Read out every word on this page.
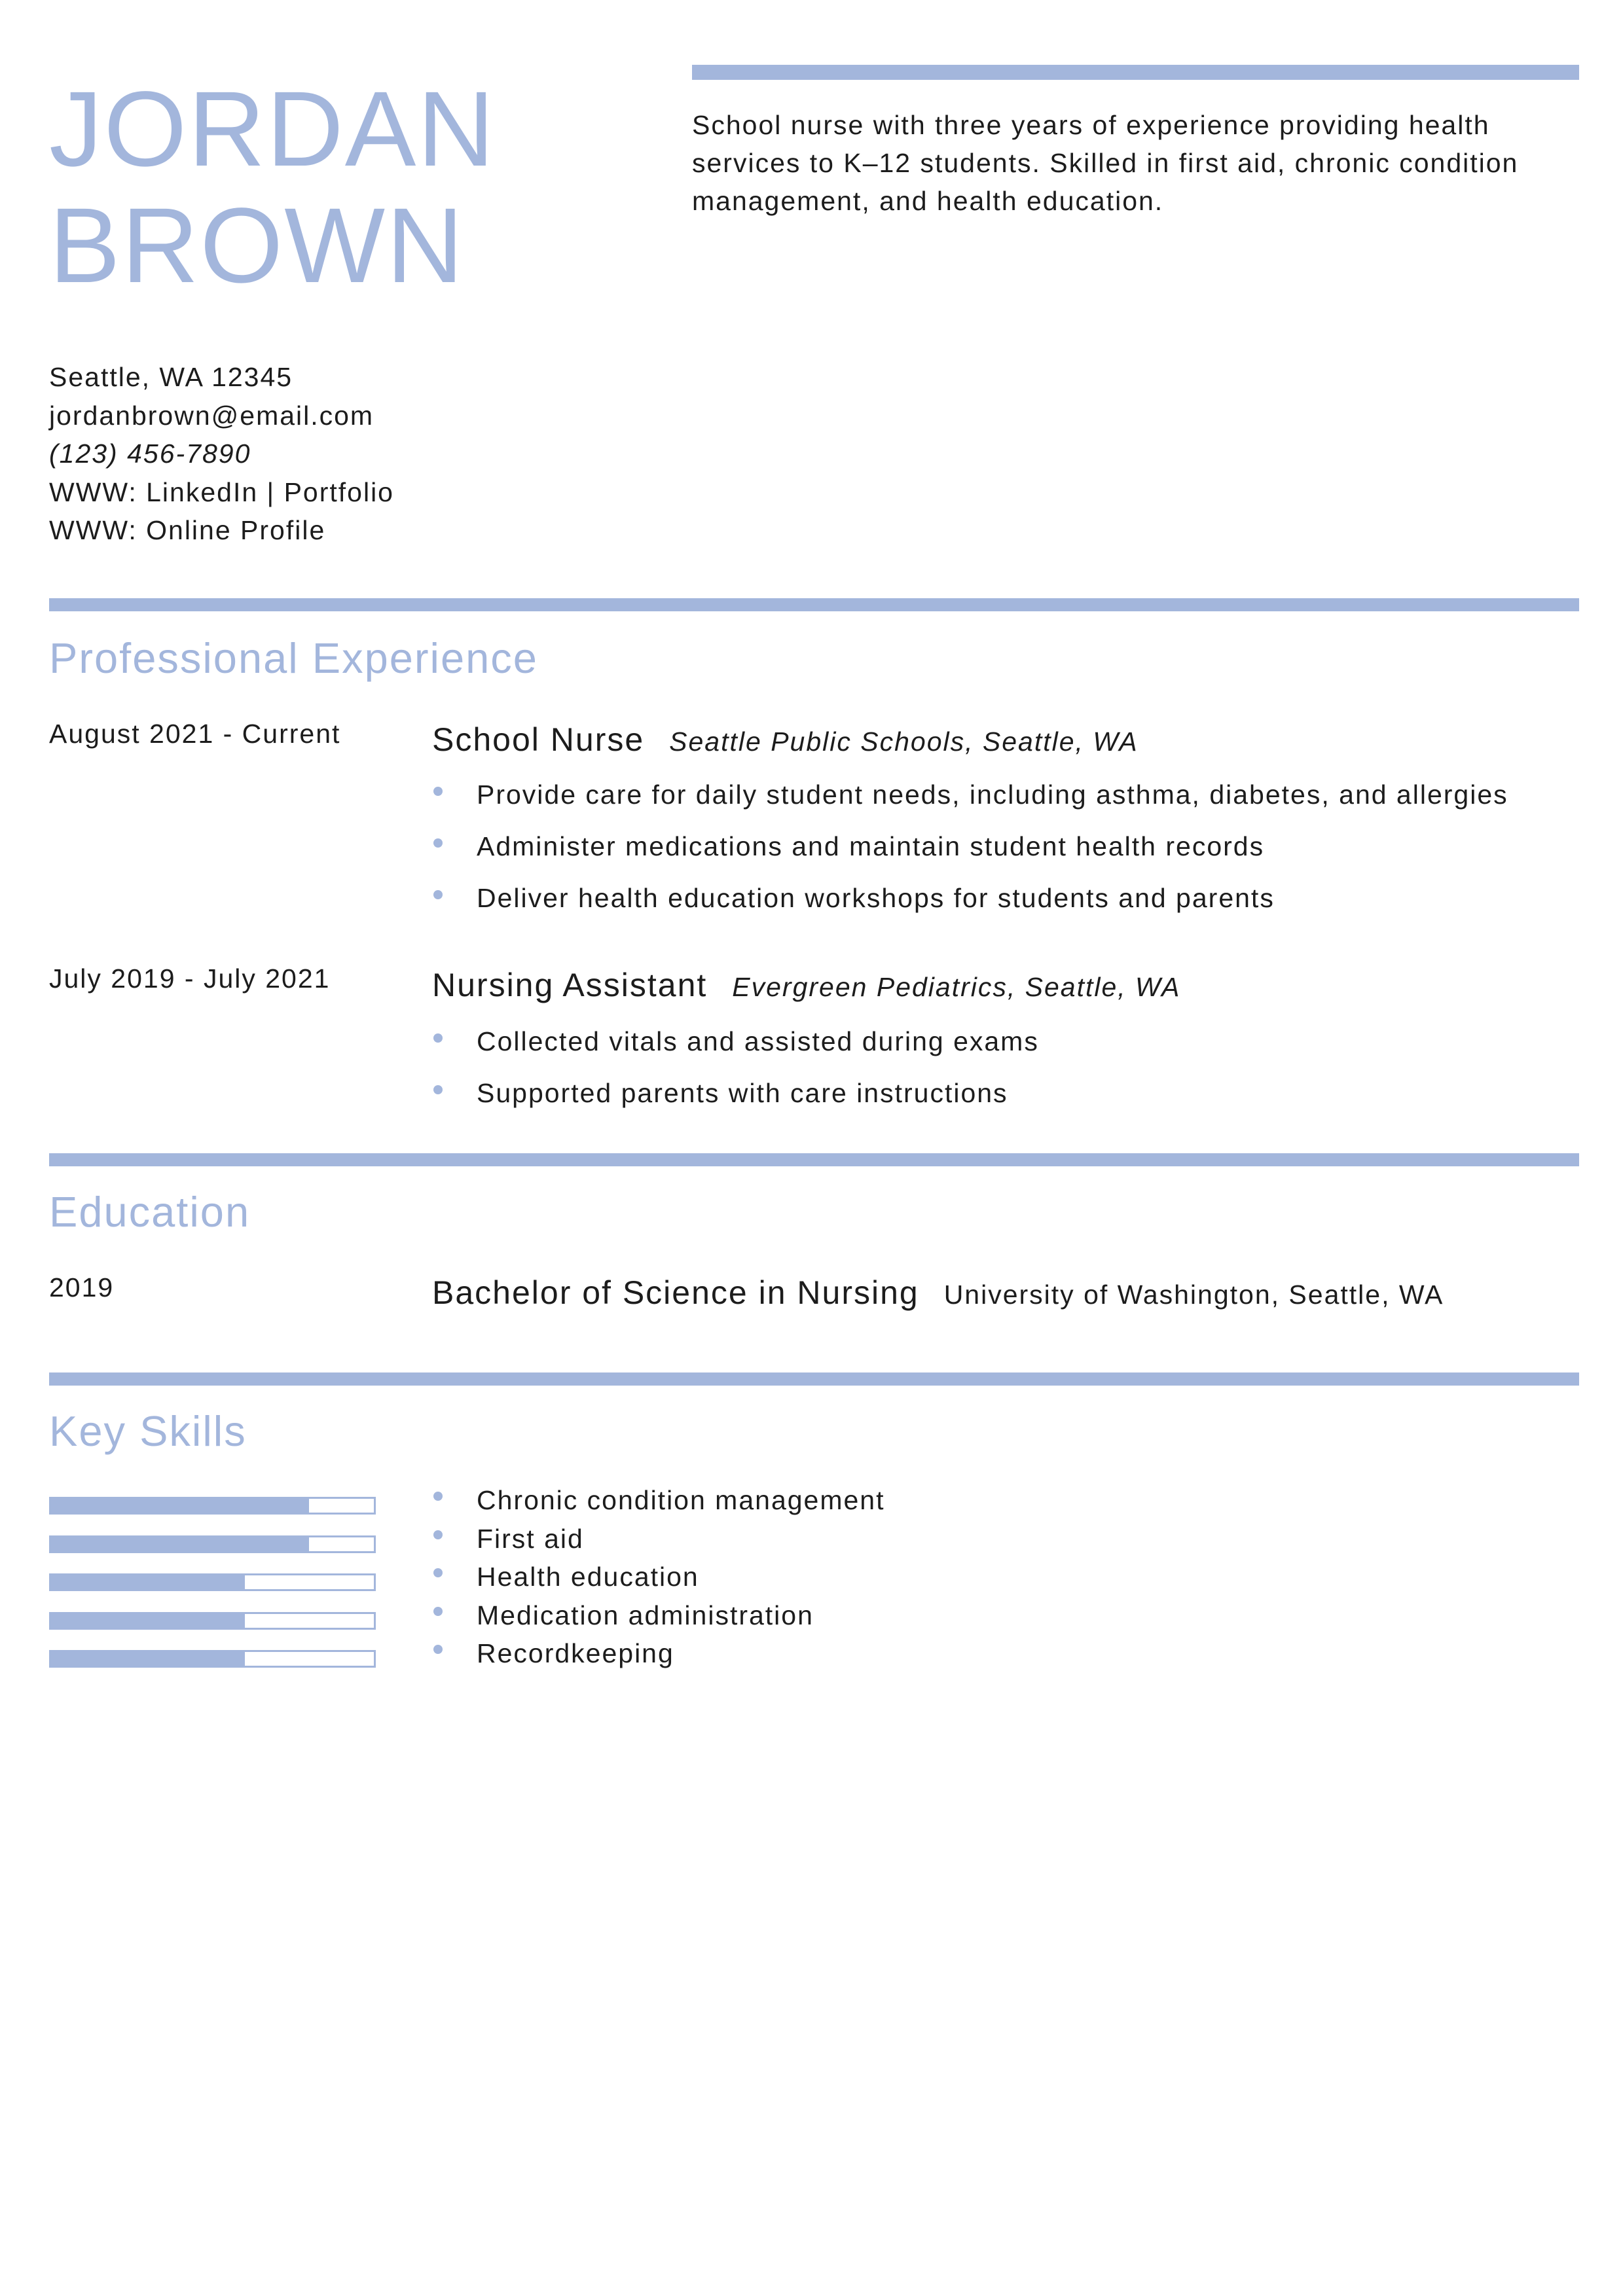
JORDAN
BROWN
School nurse with three years of experience providing health services to K–12 students. Skilled in first aid, chronic condition management, and health education.
Seattle, WA 12345
jordanbrown@email.com
(123) 456-7890
WWW: LinkedIn | Portfolio
WWW: Online Profile
Professional Experience
August 2021 - Current	School Nurse Seattle Public Schools, Seattle, WA
Provide care for daily student needs, including asthma, diabetes, and allergies
Administer medications and maintain student health records
Deliver health education workshops for students and parents
July 2019 - July 2021	Nursing Assistant Evergreen Pediatrics, Seattle, WA
Collected vitals and assisted during exams
Supported parents with care instructions
Education
2019	Bachelor of Science in Nursing University of Washington, Seattle, WA
Key Skills
Chronic condition management
First aid
Health education
Medication administration
Recordkeeping
